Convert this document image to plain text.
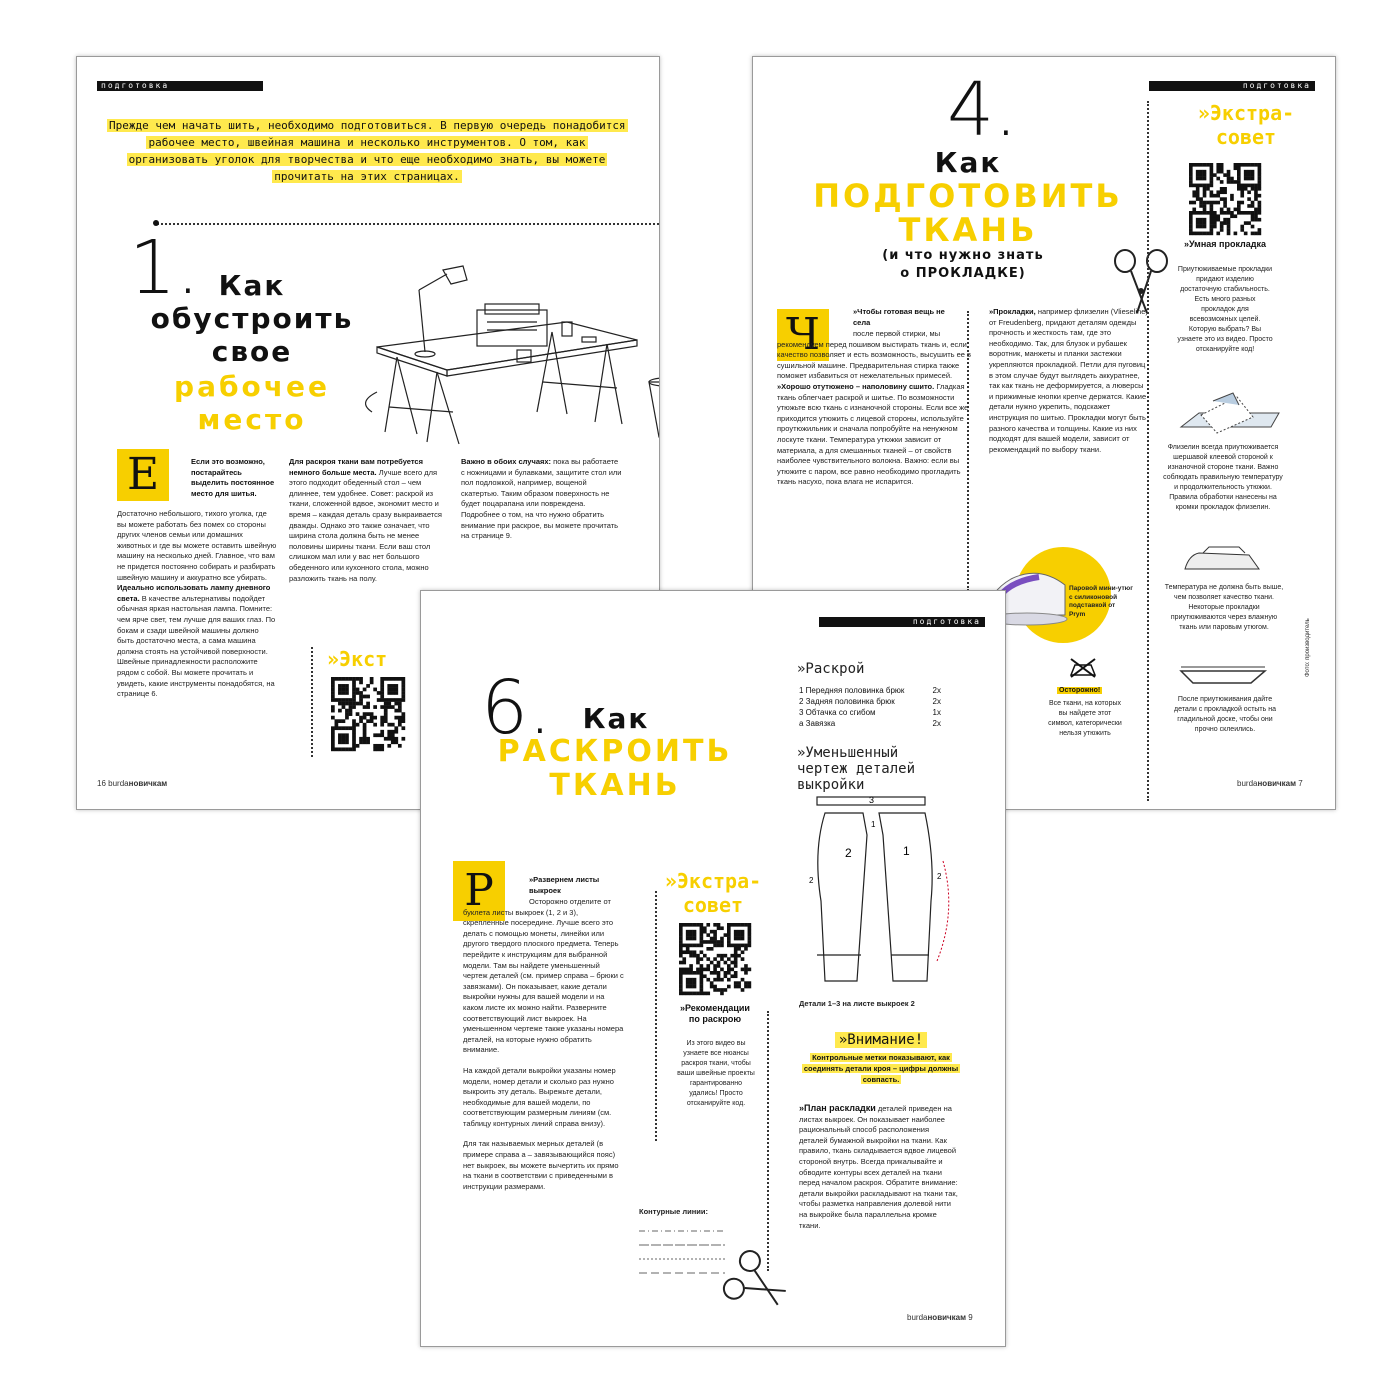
подготовка
Прежде чем начать шить, необходимо подготовиться. В первую очередь понадобится рабочее место, швейная машина и несколько инструментов. О том, как организовать уголок для творчества и что еще необходимо знать, вы можете прочитать на этих страницах.
1. Как
обустроить
свое
рабочее
место
Е	Если это возможно, постарайтесь выделить постоянное место для шитья.
Достаточно небольшого, тихого уголка, где вы можете работать без помех со стороны других членов семьи или домашних животных и где вы можете оставить швейную машину на несколько дней. Главное, что вам не придется постоянно собирать и разбирать швейную машину и аккуратно все убирать.
Идеально использовать лампу дневного света. В качестве альтернативы подойдет обычная яркая настольная лампа. Помните: чем ярче свет, тем лучше для ваших глаз. По бокам и сзади швейной машины должно быть достаточно места, а сама машина должна стоять на устойчивой поверхности. Швейные принадлежности расположите рядом с собой. Вы можете прочитать и увидеть, какие инструменты понадобятся, на странице 6.
Для раскроя ткани вам потребуется немного больше места. Лучше всего для этого подходит обеденный стол – чем длиннее, тем удобнее. Совет: раскрой из ткани, сложенной вдвое, экономит место и время – каждая деталь сразу выкраивается дважды. Однако это также означает, что ширина стола должна быть не менее половины ширины ткани. Если ваш стол слишком мал или у вас нет большого обеденного или кухонного стола, можно разложить ткань на полу.
Важно в обоих случаях: пока вы работаете с ножницами и булавками, защитите стол или пол подложкой, например, вощеной скатертью. Таким образом поверхность не будет поцарапана или повреждена. Подробнее о том, на что нужно обратить внимание при раскрое, вы можете прочитать на странице 9.
»Экст
16 burdaновичкам
подготовка
4.
Как
ПОДГОТОВИТЬ
ТКАНЬ
(и что нужно знать
о ПРОКЛАДКЕ)
Ч	»Чтобы готовая вещь не села
после первой стирки, мы рекомендуем перед пошивом выстирать ткань и, если качество позволяет и есть возможность, высушить ее в сушильной машине. Предварительная стирка также поможет избавиться от нежелательных примесей.
»Хорошо отутюжено – наполовину сшито. Гладкая ткань облегчает раскрой и шитье. По возможности утюжьте всю ткань с изнаночной стороны. Если все же приходится утюжить с лицевой стороны, используйте проутюжильник и сначала попробуйте на ненужном лоскуте ткани. Температура утюжки зависит от материала, а для смешанных тканей – от свойств наиболее чувствительного волокна. Важно: если вы утюжите с паром, все равно необходимо прогладить ткань насухо, пока влага не испарится.
»Прокладки, например флизелин (Vlieseline) от Freudenberg, придают деталям одежды прочность и жесткость там, где это необходимо. Так, для блузок и рубашек воротник, манжеты и планки застежки укрепляются прокладкой. Петли для пуговиц в этом случае будут выглядеть аккуратнее, так как ткань не деформируется, а люверсы и прижимные кнопки крепче держатся. Какие детали нужно укрепить, подскажет инструкция по шитью. Прокладки могут быть разного качества и толщины. Какие из них подходят для вашей модели, зависит от рекомендаций по выбору ткани.
»Экстра-
совет
»Умная прокладка
Приутюживаемые прокладки придают изделию достаточную стабильность. Есть много разных прокладок для всевозможных целей. Которую выбрать? Вы узнаете это из видео. Просто отсканируйте код!
Флизелин всегда приутюживается шершавой клеевой стороной к изнаночной стороне ткани. Важно соблюдать правильную температуру и продолжительность утюжки. Правила обработки нанесены на кромки прокладок флизелин.
Температура не должна быть выше, чем позволяет качество ткани. Некоторые прокладки приутюживаются через влажную ткань или паровым утюгом.
После приутюживания дайте детали с прокладкой остыть на гладильной доске, чтобы они прочно склеились.
Фото: производитель
Паровой мини-утюг с силиконовой подставкой от Prym
Осторожно!
Все ткани, на которых вы найдете этот символ, категорически нельзя утюжить
burdaновичкам 7
подготовка
6.	Как
РАСКРОИТЬ
ТКАНЬ
Р	»Развернем листы выкроек
Осторожно отделите от буклета листы выкроек (1, 2 и 3), скрепленные посередине. Лучше всего это делать с помощью монеты, линейки или другого твердого плоского предмета. Теперь перейдите к инструкциям для выбранной модели. Там вы найдете уменьшенный чертеж деталей (см. пример справа – брюки с завязками). Он показывает, какие детали выкройки нужны для вашей модели и на каком листе их можно найти. Разверните соответствующий лист выкроек. На уменьшенном чертеже также указаны номера деталей, на которые нужно обратить внимание.
На каждой детали выкройки указаны номер модели, номер детали и сколько раз нужно выкроить эту деталь. Вырежьте детали, необходимые для вашей модели, по соответствующим размерным линиям (см. таблицу контурных линий справа внизу).
Для так называемых мерных деталей (в примере справа а – завязывающийся пояс) нет выкроек, вы можете вычертить их прямо на ткани в соответствии с приведенными в инструкции размерами.
»Экстра-
совет
»Рекомендации по раскрою
Из этого видео вы узнаете все нюансы раскроя ткани, чтобы ваши швейные проекты гарантированно удались! Просто отсканируйте код.
Контурные линии:
»Раскрой
1 Передняя половинка брюк	2x
2 Задняя половинка брюк	2x
3 Обтачка со сгибом	1x
а Завязка	2x
»Уменьшенный чертеж деталей выкройки
3
2	1
2
1
2
Детали 1–3 на листе выкроек 2
»Внимание!
Контрольные метки показывают, как соединять детали кроя – цифры должны совпасть.
»План раскладки деталей приведен на листах выкроек. Он показывает наиболее рациональный способ расположения деталей бумажной выкройки на ткани. Как правило, ткань складывается вдвое лицевой стороной внутрь. Всегда прикалывайте и обводите контуры всех деталей на ткани перед началом раскроя. Обратите внимание: детали выкройки раскладывают на ткани так, чтобы разметка направления долевой нити на выкройке была параллельна кромке ткани.
burdaновичкам 9
